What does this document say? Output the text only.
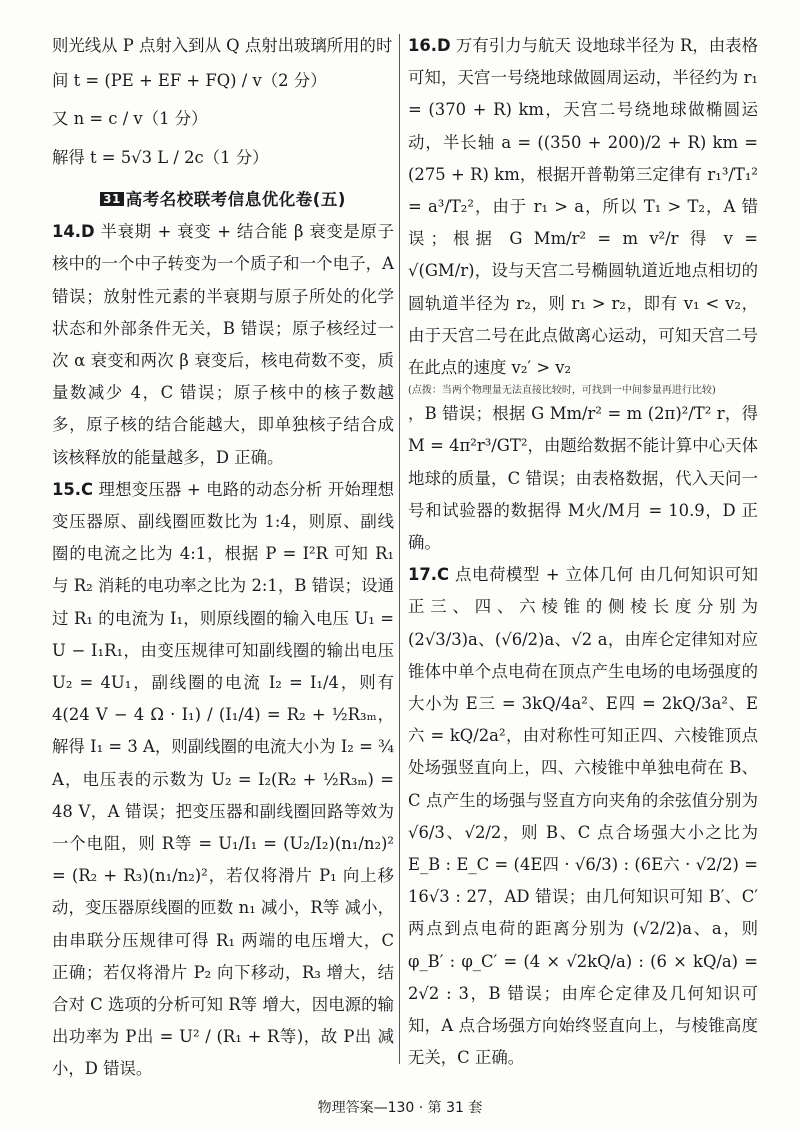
则光线从 P 点射入到从 Q 点射出玻璃所用的时

间 t = (PE + EF + FQ) / v（2 分）

又 n = c / v（1 分）

解得 t = 5√3 L / 2c（1 分）

31 高考名校联考信息优化卷(五)

14.D 半衰期 + 衰变 + 结合能 β 衰变是原子核中的一个中子转变为一个质子和一个电子，A 错误；放射性元素的半衰期与原子所处的化学状态和外部条件无关，B 错误；原子核经过一次 α 衰变和两次 β 衰变后，核电荷数不变，质量数减少 4，C 错误；原子核中的核子数越多，原子核的结合能越大，即单独核子结合成该核释放的能量越多，D 正确。

15.C 理想变压器 + 电路的动态分析 开始理想变压器原、副线圈匝数比为 1:4，则原、副线圈的电流之比为 4:1，根据 P = I²R 可知 R₁ 与 R₂ 消耗的电功率之比为 2:1，B 错误；设通过 R₁ 的电流为 I₁，则原线圈的输入电压 U₁ = U − I₁R₁，由变压规律可知副线圈的输出电压 U₂ = 4U₁，副线圈的电流 I₂ = I₁/4，则有 4(24 V − 4 Ω · I₁) / (I₁/4) = R₂ + ½R₃ₘ，解得 I₁ = 3 A，则副线圈的电流大小为 I₂ = ¾ A，电压表的示数为 U₂ = I₂(R₂ + ½R₃ₘ) = 48 V，A 错误；把变压器和副线圈回路等效为一个电阻，则 R等 = U₁/I₁ = (U₂/I₂)(n₁/n₂)² = (R₂ + R₃)(n₁/n₂)²，若仅将滑片 P₁ 向上移动，变压器原线圈的匝数 n₁ 减小，R等 减小，由串联分压规律可得 R₁ 两端的电压增大，C 正确；若仅将滑片 P₂ 向下移动，R₃ 增大，结合对 C 选项的分析可知 R等 增大，因电源的输出功率为 P出 = U² / (R₁ + R等)，故 P出 减小，D 错误。

16.D 万有引力与航天 设地球半径为 R，由表格可知，天宫一号绕地球做圆周运动，半径约为 r₁ = (370 + R) km，天宫二号绕地球做椭圆运动，半长轴 a = ((350 + 200)/2 + R) km = (275 + R) km，根据开普勒第三定律有 r₁³/T₁² = a³/T₂²，由于 r₁ > a，所以 T₁ > T₂，A 错误；根据 G Mm/r² = m v²/r 得 v = √(GM/r)，设与天宫二号椭圆轨道近地点相切的圆轨道半径为 r₂，则 r₁ > r₂，即有 v₁ < v₂，由于天宫二号在此点做离心运动，可知天宫二号在此点的速度 v₂′ > v₂

(点拨：当两个物理量无法直接比较时，可找到一中间参量再进行比较)

，B 错误；根据 G Mm/r² = m (2π)²/T² r，得 M = 4π²r³/GT²，由题给数据不能计算中心天体地球的质量，C 错误；由表格数据，代入天问一号和试验器的数据得 M火/M月 = 10.9，D 正确。

17.C 点电荷模型 + 立体几何 由几何知识可知正三、四、六棱锥的侧棱长度分别为 (2√3/3)a、(√6/2)a、√2 a，由库仑定律知对应锥体中单个点电荷在顶点产生电场的电场强度的大小为 E三 = 3kQ/4a²、E四 = 2kQ/3a²、E六 = kQ/2a²，由对称性可知正四、六棱锥顶点处场强竖直向上，四、六棱锥中单独电荷在 B、C 点产生的场强与竖直方向夹角的余弦值分别为 √6/3、√2/2，则 B、C 点合场强大小之比为 E_B : E_C = (4E四 · √6/3) : (6E六 · √2/2) = 16√3 : 27，AD 错误；由几何知识可知 B′、C′ 两点到点电荷的距离分别为 (√2/2)a、a，则 φ_B′ : φ_C′ = (4 × √2kQ/a) : (6 × kQ/a) = 2√2 : 3，B 错误；由库仑定律及几何知识可知，A 点合场强方向始终竖直向上，与棱锥高度无关，C 正确。

物理答案—130 · 第 31 套
